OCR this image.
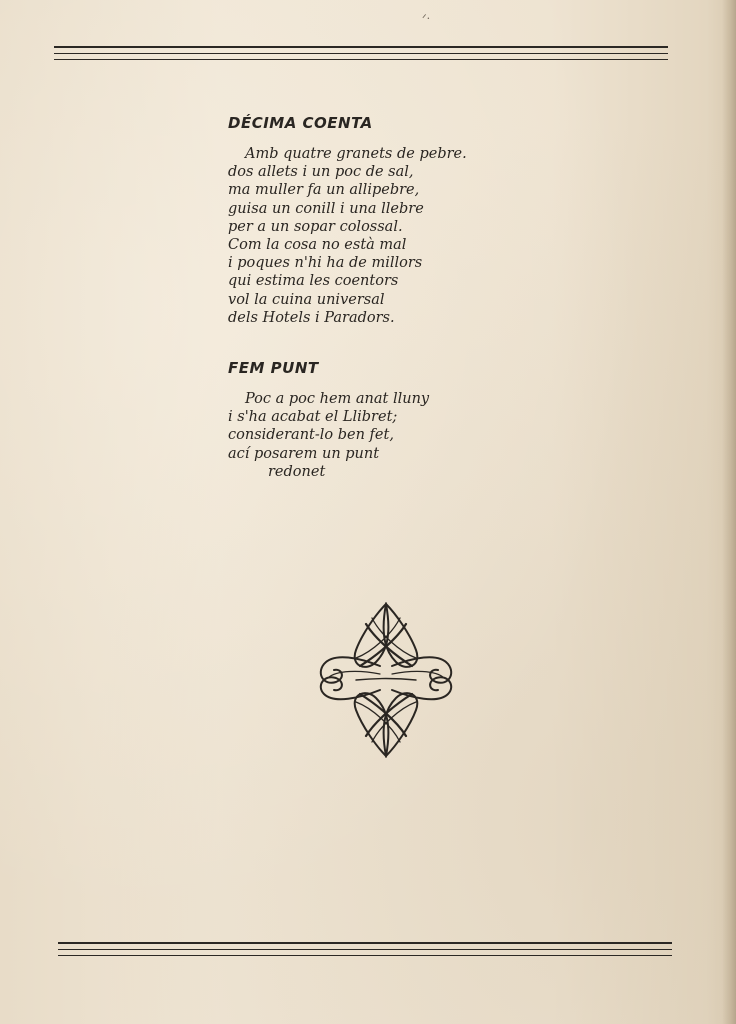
ᐟ·
DÉCIMA COENTA
Amb quatre granets de pebre.
dos allets i un poc de sal,
ma muller fa un allipebre,
guisa un conill i una llebre
per a un sopar colossal.
Com la cosa no està mal
i poques n'hi ha de millors
qui estima les coentors
vol la cuina universal
dels Hotels i Paradors.
FEM PUNT
Poc a poc hem anat lluny
i s'ha acabat el Llibret;
considerant-lo ben fet,
ací posarem un punt
redonet
